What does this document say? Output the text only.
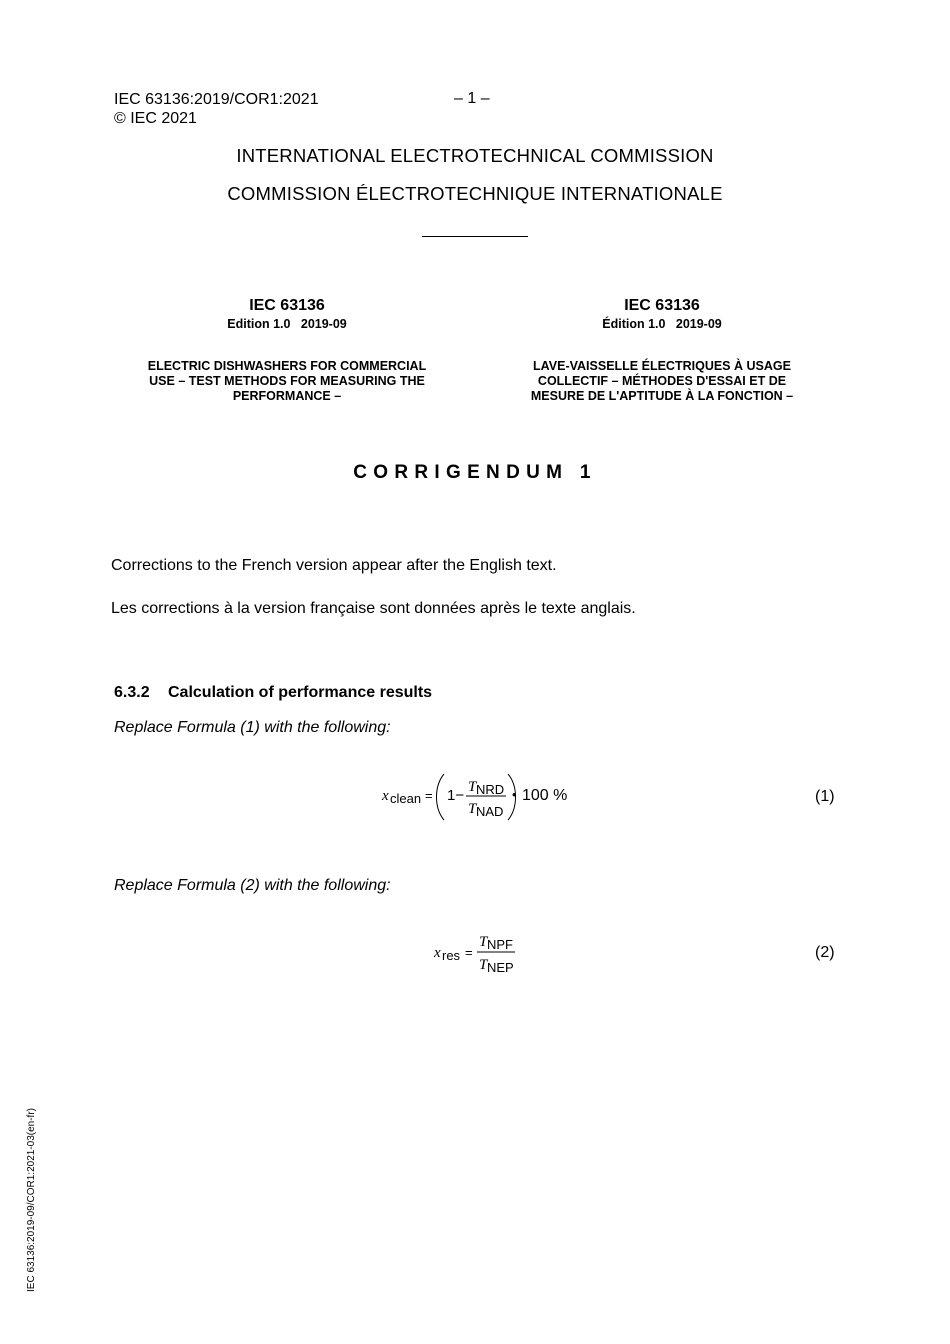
IEC 63136:2019/COR1:2021
© IEC 2021
– 1 –
INTERNATIONAL ELECTROTECHNICAL COMMISSION
COMMISSION ÉLECTROTECHNIQUE INTERNATIONALE
IEC 63136
Edition 1.0   2019-09
ELECTRIC DISHWASHERS FOR COMMERCIAL
USE – TEST METHODS FOR MEASURING THE
PERFORMANCE –
IEC 63136
Édition 1.0   2019-09
LAVE-VAISSELLE ÉLECTRIQUES À USAGE
COLLECTIF – MÉTHODES D'ESSAI ET DE
MESURE DE L'APTITUDE À LA FONCTION –
CORRIGENDUM 1
Corrections to the French version appear after the English text.
Les corrections à la version française sont données après le texte anglais.
6.3.2 Calculation of performance results
Replace Formula (1) with the following:
x clean = 1− T NRD
T NAD
• 100 %	(1)
Replace Formula (2) with the following:
x res =
T NPF
T NEP
(2)
IEC 63136:2019-09/COR1:2021-03(en-fr)
